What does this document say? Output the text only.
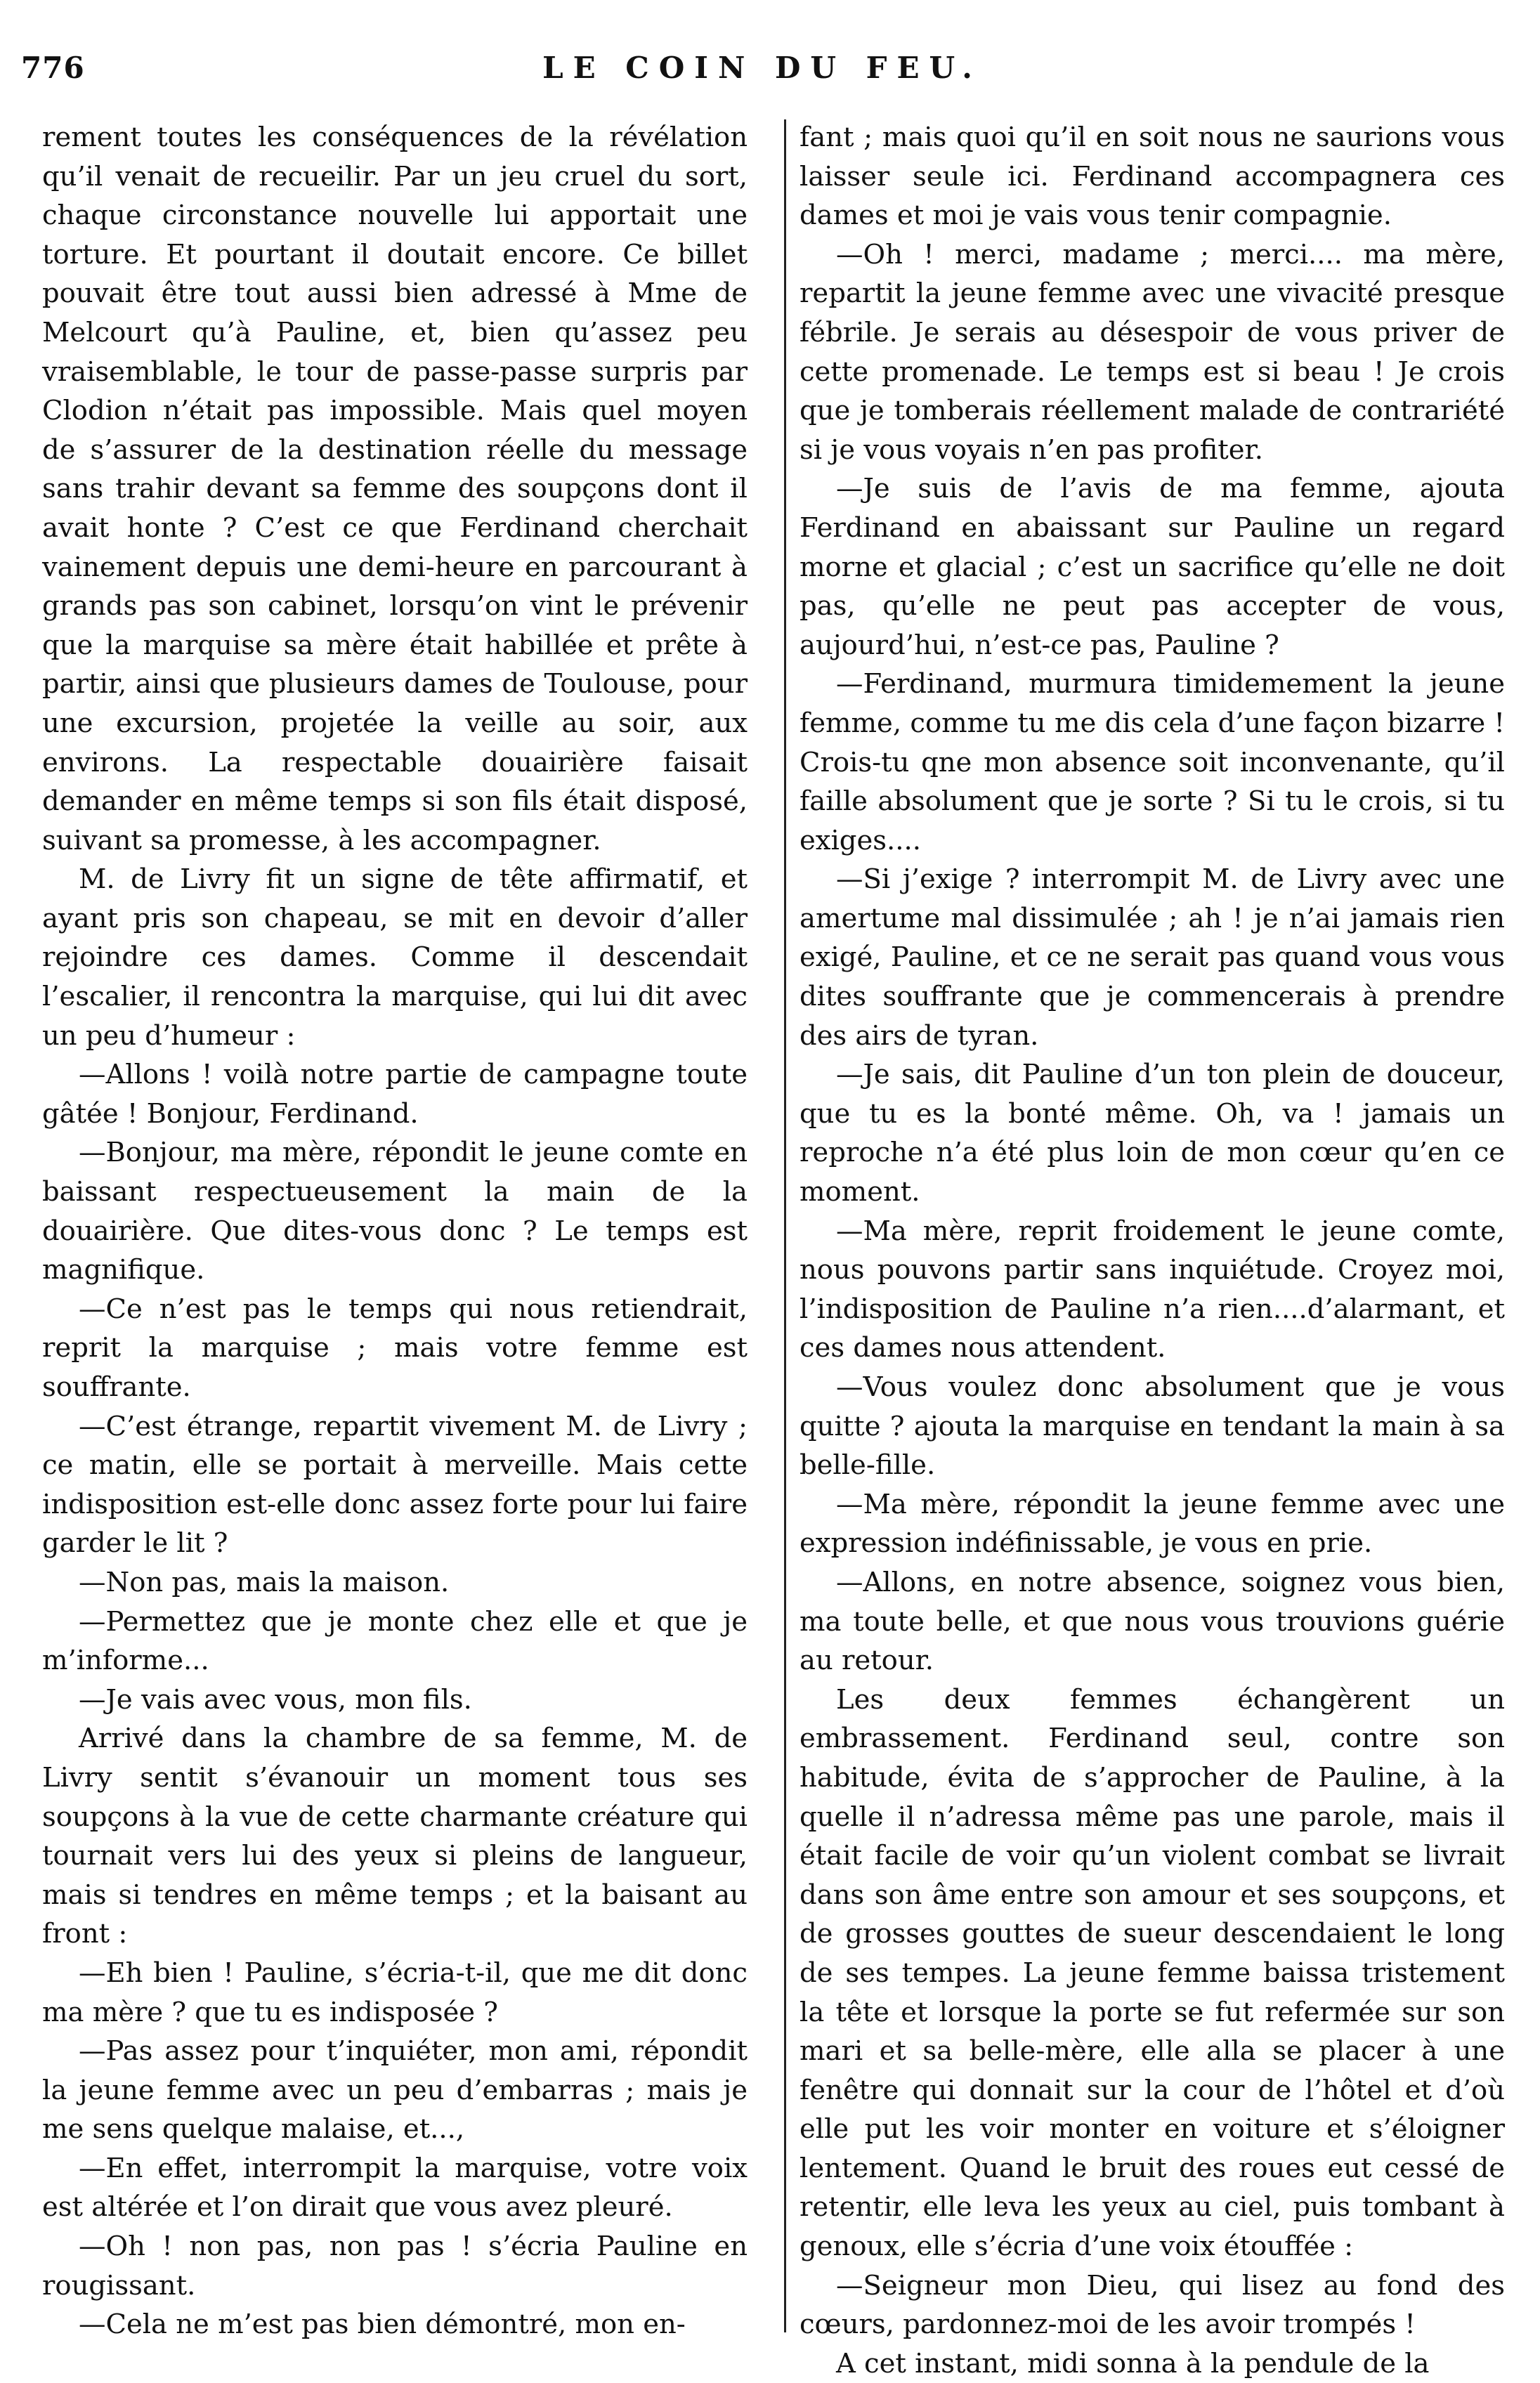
776	LE COIN DU FEU.

rement toutes les conséquences de la révélation qu’il venait de recueilir. Par un jeu cruel du sort, chaque circonstance nouvelle lui apportait une torture. Et pourtant il doutait encore. Ce billet pouvait être tout aussi bien adressé à Mme de Melcourt qu’à Pauline, et, bien qu’assez peu vraisemblable, le tour de passe-passe surpris par Clodion n’était pas impossible. Mais quel moyen de s’assurer de la destination réelle du message sans trahir devant sa femme des soupçons dont il avait honte ? C’est ce que Ferdinand cherchait vainement depuis une demi-heure en parcourant à grands pas son cabinet, lorsqu’on vint le prévenir que la marquise sa mère était habillée et prête à partir, ainsi que plusieurs dames de Toulouse, pour une excursion, projetée la veille au soir, aux environs. La respectable douairière faisait demander en même temps si son fils était disposé, suivant sa promesse, à les accompagner.

M. de Livry fit un signe de tête affirmatif, et ayant pris son chapeau, se mit en devoir d’aller rejoindre ces dames. Comme il descendait l’escalier, il rencontra la marquise, qui lui dit avec un peu d’humeur :

—Allons ! voilà notre partie de campagne toute gâtée ! Bonjour, Ferdinand.

—Bonjour, ma mère, répondit le jeune comte en baissant respectueusement la main de la douairière. Que dites-vous donc ? Le temps est magnifique.

—Ce n’est pas le temps qui nous retiendrait, reprit la marquise ; mais votre femme est souffrante.

—C’est étrange, repartit vivement M. de Livry ; ce matin, elle se portait à merveille. Mais cette indisposition est-elle donc assez forte pour lui faire garder le lit ?

—Non pas, mais la maison.

—Permettez que je monte chez elle et que je m’informe...

—Je vais avec vous, mon fils.

Arrivé dans la chambre de sa femme, M. de Livry sentit s’évanouir un moment tous ses soupçons à la vue de cette charmante créature qui tournait vers lui des yeux si pleins de langueur, mais si tendres en même temps ; et la baisant au front :

—Eh bien ! Pauline, s’écria-t-il, que me dit donc ma mère ? que tu es indisposée ?

—Pas assez pour t’inquiéter, mon ami, répondit la jeune femme avec un peu d’embarras ; mais je me sens quelque malaise, et...,

—En effet, interrompit la marquise, votre voix est altérée et l’on dirait que vous avez pleuré.

—Oh ! non pas, non pas ! s’écria Pauline en rougissant.

—Cela ne m’est pas bien démontré, mon en-

fant ; mais quoi qu’il en soit nous ne saurions vous laisser seule ici. Ferdinand accompagnera ces dames et moi je vais vous tenir compagnie.

—Oh ! merci, madame ; merci.... ma mère, repartit la jeune femme avec une vivacité presque fébrile. Je serais au désespoir de vous priver de cette promenade. Le temps est si beau ! Je crois que je tomberais réellement malade de contrariété si je vous voyais n’en pas profiter.

—Je suis de l’avis de ma femme, ajouta Ferdinand en abaissant sur Pauline un regard morne et glacial ; c’est un sacrifice qu’elle ne doit pas, qu’elle ne peut pas accepter de vous, aujourd’hui, n’est-ce pas, Pauline ?

—Ferdinand, murmura timidemement la jeune femme, comme tu me dis cela d’une façon bizarre ! Crois-tu qne mon absence soit inconvenante, qu’il faille absolument que je sorte ? Si tu le crois, si tu exiges....

—Si j’exige ? interrompit M. de Livry avec une amertume mal dissimulée ; ah ! je n’ai jamais rien exigé, Pauline, et ce ne serait pas quand vous vous dites souffrante que je commencerais à prendre des airs de tyran.

—Je sais, dit Pauline d’un ton plein de douceur, que tu es la bonté même. Oh, va ! jamais un reproche n’a été plus loin de mon cœur qu’en ce moment.

—Ma mère, reprit froidement le jeune comte, nous pouvons partir sans inquiétude. Croyez moi, l’indisposition de Pauline n’a rien....d’alarmant, et ces dames nous attendent.

—Vous voulez donc absolument que je vous quitte ? ajouta la marquise en tendant la main à sa belle-fille.

—Ma mère, répondit la jeune femme avec une expression indéfinissable, je vous en prie.

—Allons, en notre absence, soignez vous bien, ma toute belle, et que nous vous trouvions guérie au retour.

Les deux femmes échangèrent un embrassement. Ferdinand seul, contre son habitude, évita de s’approcher de Pauline, à la quelle il n’adressa même pas une parole, mais il était facile de voir qu’un violent combat se livrait dans son âme entre son amour et ses soupçons, et de grosses gouttes de sueur descendaient le long de ses tempes. La jeune femme baissa tristement la tête et lorsque la porte se fut refermée sur son mari et sa belle-mère, elle alla se placer à une fenêtre qui donnait sur la cour de l’hôtel et d’où elle put les voir monter en voiture et s’éloigner lentement. Quand le bruit des roues eut cessé de retentir, elle leva les yeux au ciel, puis tombant à genoux, elle s’écria d’une voix étouffée :

—Seigneur mon Dieu, qui lisez au fond des cœurs, pardonnez-moi de les avoir trompés !

A cet instant, midi sonna à la pendule de la
